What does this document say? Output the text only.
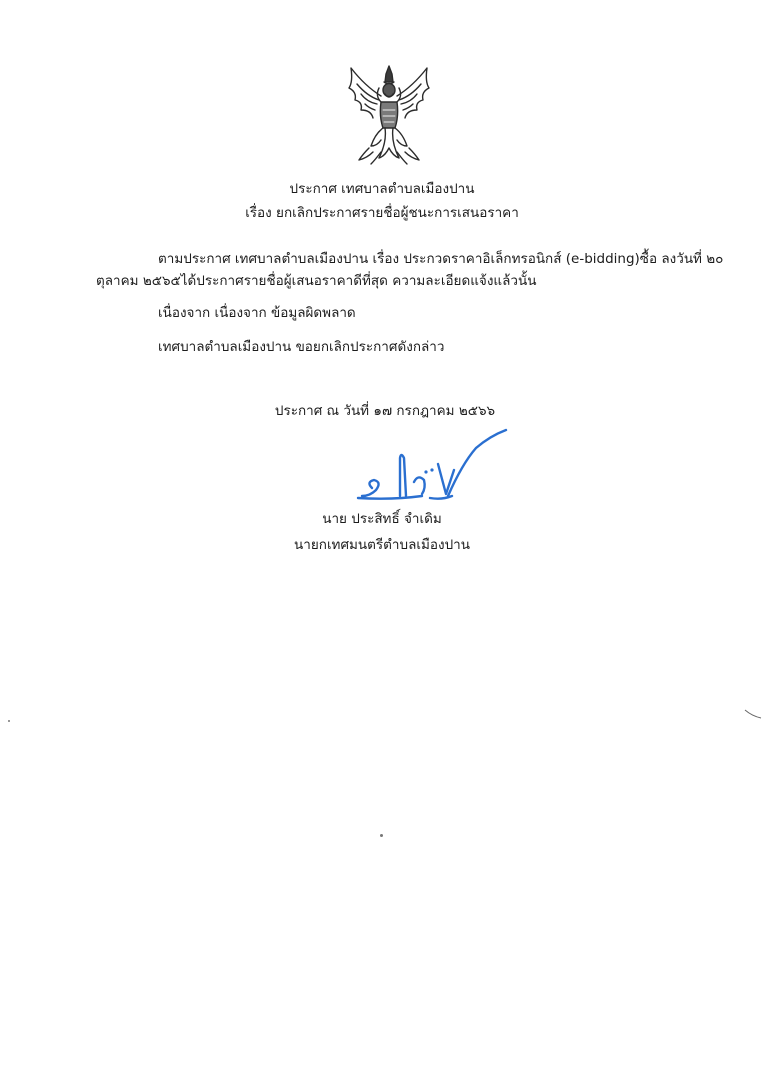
ประกาศ เทศบาลตำบลเมืองปาน
เรื่อง ยกเลิกประกาศรายชื่อผู้ชนะการเสนอราคา
ตามประกาศ เทศบาลตำบลเมืองปาน เรื่อง ประกวดราคาอิเล็กทรอนิกส์ (e-bidding)ซื้อ ลงวันที่ ๒๐
ตุลาคม ๒๕๖๕ได้ประกาศรายชื่อผู้เสนอราคาดีที่สุด ความละเอียดแจ้งแล้วนั้น
เนื่องจาก เนื่องจาก ข้อมูลผิดพลาด
เทศบาลตำบลเมืองปาน ขอยกเลิกประกาศดังกล่าว
ประกาศ ณ วันที่ ๑๗ กรกฎาคม ๒๕๖๖
นาย ประสิทธิ์ จำเดิม
นายกเทศมนตรีตำบลเมืองปาน
